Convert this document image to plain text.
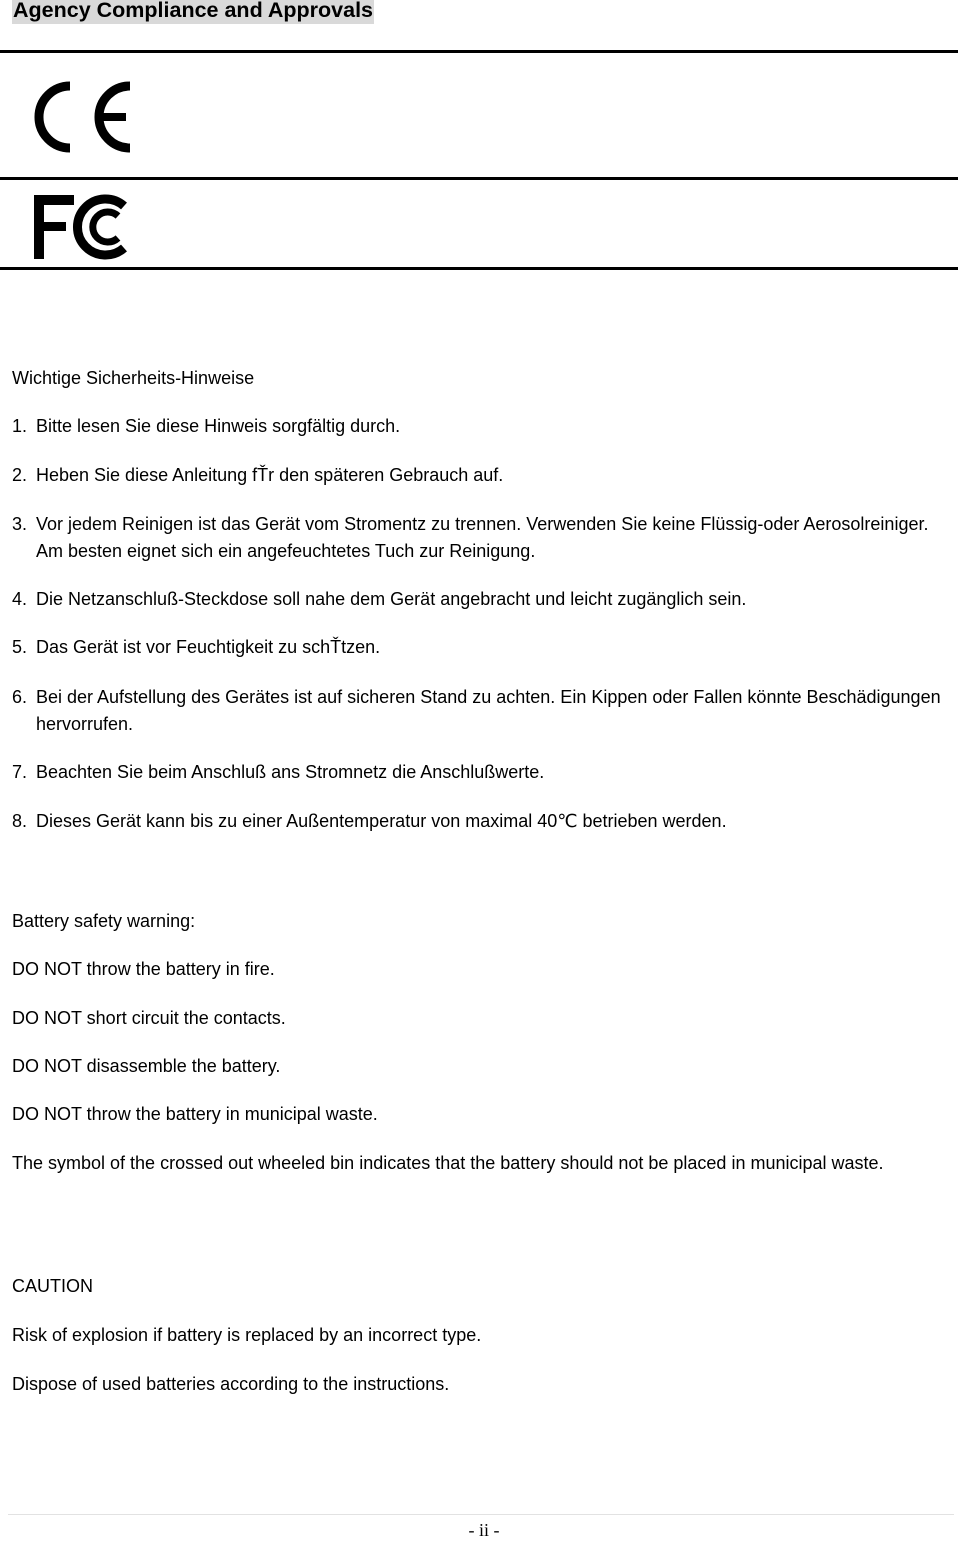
Agency Compliance and Approvals
Wichtige Sicherheits-Hinweise
1. Bitte lesen Sie diese Hinweis sorgfältig durch.
2. Heben Sie diese Anleitung fŤr den späteren Gebrauch auf.
3. Vor jedem Reinigen ist das Gerät vom Stromentz zu trennen. Verwenden Sie keine Flüssig-oder Aerosolreiniger. Am besten eignet sich ein angefeuchtetes Tuch zur Reinigung.
4. Die Netzanschluß-Steckdose soll nahe dem Gerät angebracht und leicht zugänglich sein.
5. Das Gerät ist vor Feuchtigkeit zu schŤtzen.
6. Bei der Aufstellung des Gerätes ist auf sicheren Stand zu achten. Ein Kippen oder Fallen könnte Beschädigungen hervorrufen.
7. Beachten Sie beim Anschluß ans Stromnetz die Anschlußwerte.
8. Dieses Gerät kann bis zu einer Außentemperatur von maximal 40℃ betrieben werden.
Battery safety warning:
DO NOT throw the battery in fire.
DO NOT short circuit the contacts.
DO NOT disassemble the battery.
DO NOT throw the battery in municipal waste.
The symbol of the crossed out wheeled bin indicates that the battery should not be placed in municipal waste.
CAUTION
Risk of explosion if battery is replaced by an incorrect type.
Dispose of used batteries according to the instructions.
- ii -
